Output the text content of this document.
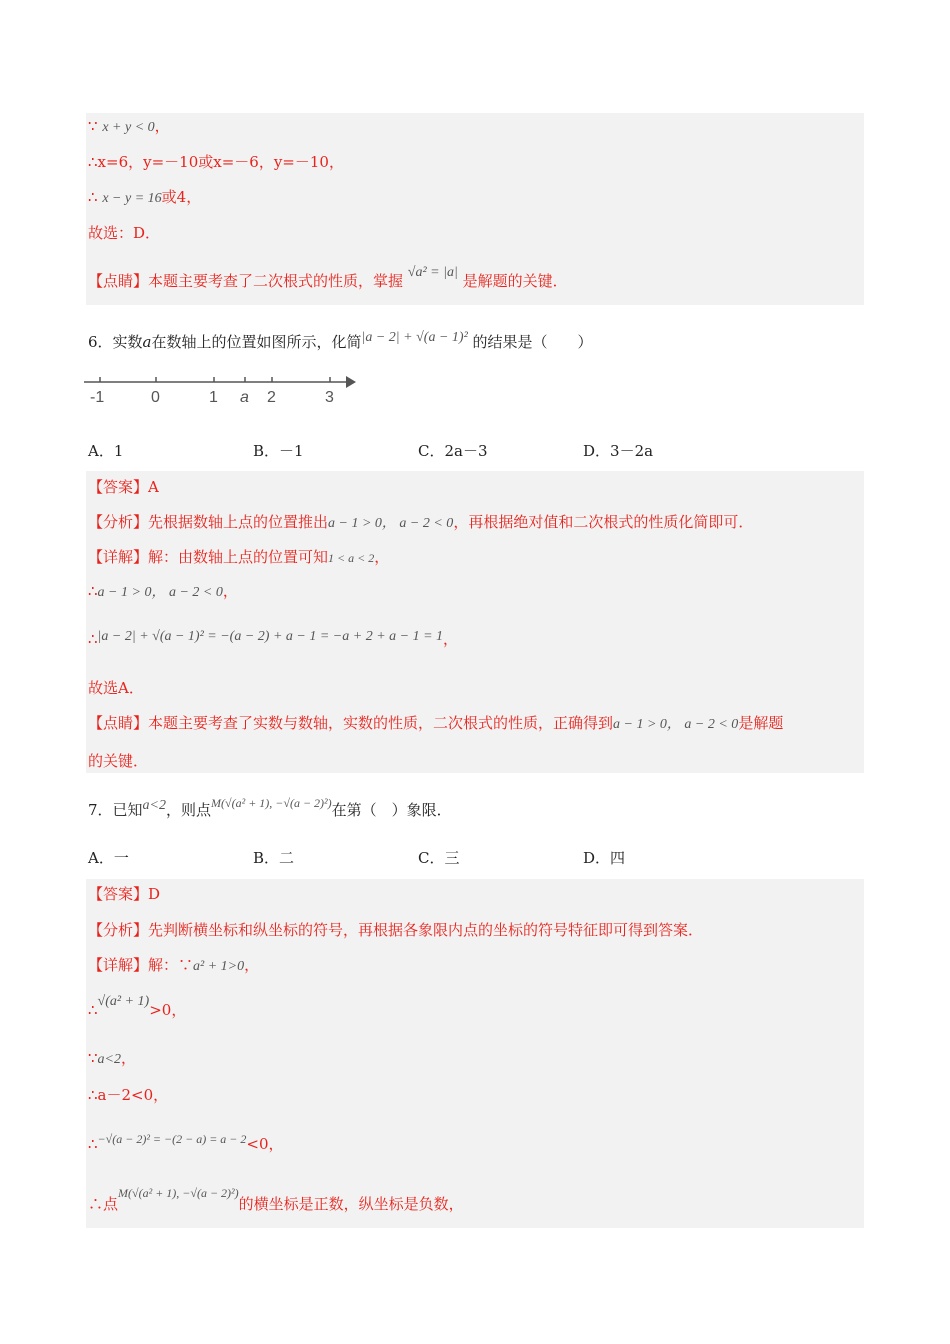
∵ x + y < 0，
∴x=6，y=－10或x=－6，y=－10，
∴ x − y = 16或4，
故选：D．
【点睛】本题主要考查了二次根式的性质，掌握 √a² = |a| 是解题的关键．
6．实数a在数轴上的位置如图所示，化简|a − 2| + √(a − 1)² 的结果是（　　）
-1	0	1 a 2	3
A．1	B．－1	C．2a－3	D．3－2a
【答案】A
【分析】先根据数轴上点的位置推出a − 1 > 0， a − 2 < 0，再根据绝对值和二次根式的性质化简即可．
【详解】解：由数轴上点的位置可知1 < a < 2，
∴a − 1 > 0， a − 2 < 0，
∴|a − 2| + √(a − 1)² = −(a − 2) + a − 1 = −a + 2 + a − 1 = 1，
故选A．
【点睛】本题主要考查了实数与数轴，实数的性质，二次根式的性质，正确得到a − 1 > 0， a − 2 < 0是解题
的关键．
7．已知a<2，则点$^{M(√(a^2 + 1), -√(a - 2)^2)}$在第（　）象限．
A．一	B．二	C．三	D．四
【答案】D
【分析】先判断横坐标和纵坐标的符号，再根据各象限内点的坐标的符号特征即可得到答案．
【详解】解：∵a² + 1>0，
∴√(a² + 1)>0，
∵a<2，
∴a－2<0，
∴$^{-√(a - 2)^2 = -(2 - a) = a - 2}$<0，
∴点$^{M(√(a^2 + 1), -√(a - 2)^2)}$的横坐标是正数，纵坐标是负数，
